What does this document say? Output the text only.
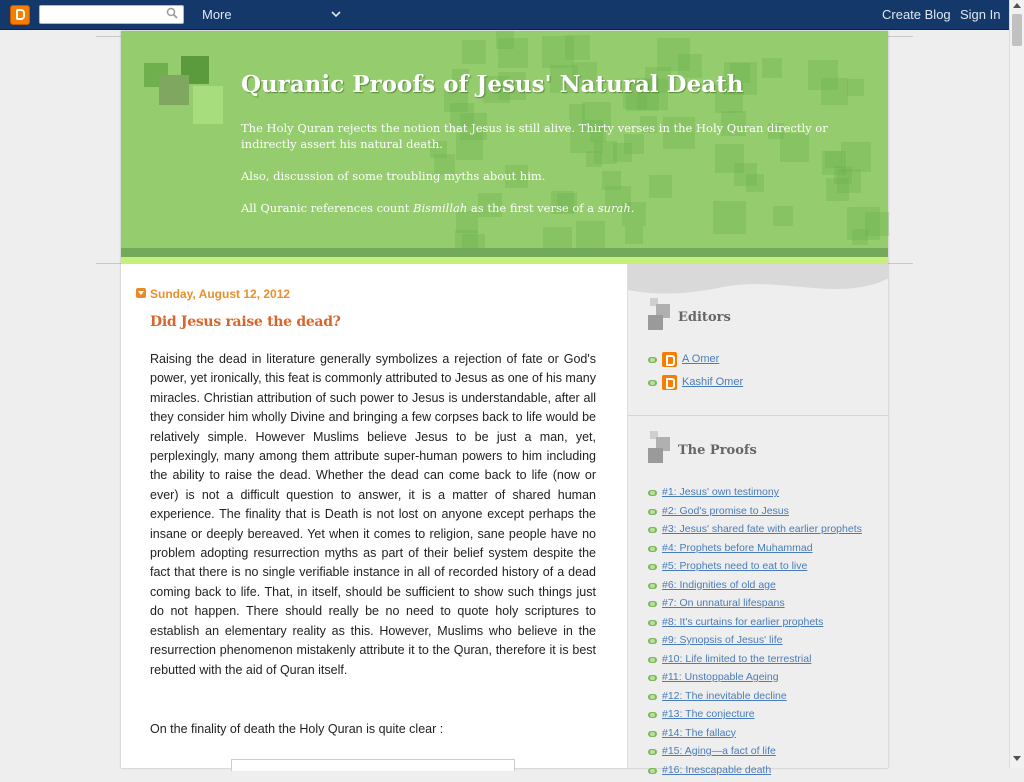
More	Create Blog Sign In
Quranic Proofs of Jesus' Natural Death
The Holy Quran rejects the notion that Jesus is still alive. Thirty verses in the Holy Quran directly or indirectly assert his natural death.
Also, discussion of some troubling myths about him.
All Quranic references count Bismillah as the first verse of a surah.
Sunday, August 12, 2012
Did Jesus raise the dead?
Raising the dead in literature generally symbolizes a rejection of fate or God's power, yet ironically, this feat is commonly attributed to Jesus as one of his many miracles. Christian attribution of such power to Jesus is understandable, after all they consider him wholly Divine and bringing a few corpses back to life would be relatively simple. However Muslims believe Jesus to be just a man, yet, perplexingly, many among them attribute super-human powers to him including the ability to raise the dead. Whether the dead can come back to life (now or ever) is not a difficult question to answer, it is a matter of shared human experience. The finality that is Death is not lost on anyone except perhaps the insane or deeply bereaved. Yet when it comes to religion, sane people have no problem adopting resurrection myths as part of their belief system despite the fact that there is no single verifiable instance in all of recorded history of a dead coming back to life. That, in itself, should be sufficient to show such things just do not happen. There should really be no need to quote holy scriptures to establish an elementary reality as this. However, Muslims who believe in the resurrection phenomenon mistakenly attribute it to the Quran, therefore it is best rebutted with the aid of Quran itself.
On the finality of death the Holy Quran is quite clear :
Editors
A Omer
Kashif Omer
The Proofs
#1: Jesus' own testimony
#2: God's promise to Jesus
#3: Jesus' shared fate with earlier prophets
#4: Prophets before Muhammad
#5: Prophets need to eat to live
#6: Indignities of old age
#7: On unnatural lifespans
#8: It's curtains for earlier prophets
#9: Synopsis of Jesus' life
#10: Life limited to the terrestrial
#11: Unstoppable Ageing
#12: The inevitable decline
#13: The conjecture
#14: The fallacy
#15: Aging—a fact of life
#16: Inescapable death
